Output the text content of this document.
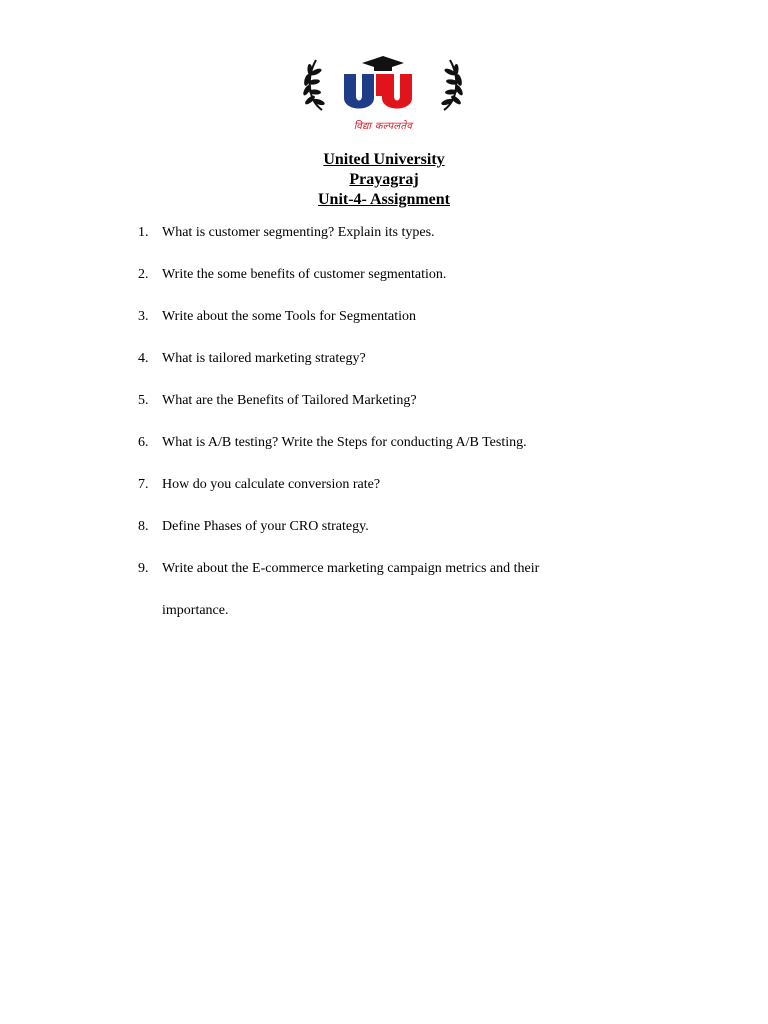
विद्या कल्पलतेव
United University
Prayagraj
Unit-4- Assignment
1. What is customer segmenting? Explain its types.
2. Write the some benefits of customer segmentation.
3. Write about the some Tools for Segmentation
4. What is tailored marketing strategy?
5. What are the Benefits of Tailored Marketing?
6. What is A/B testing? Write the Steps for conducting A/B Testing.
7. How do you calculate conversion rate?
8. Define Phases of your CRO strategy.
9. Write about the E-commerce marketing campaign metrics and their
importance.
